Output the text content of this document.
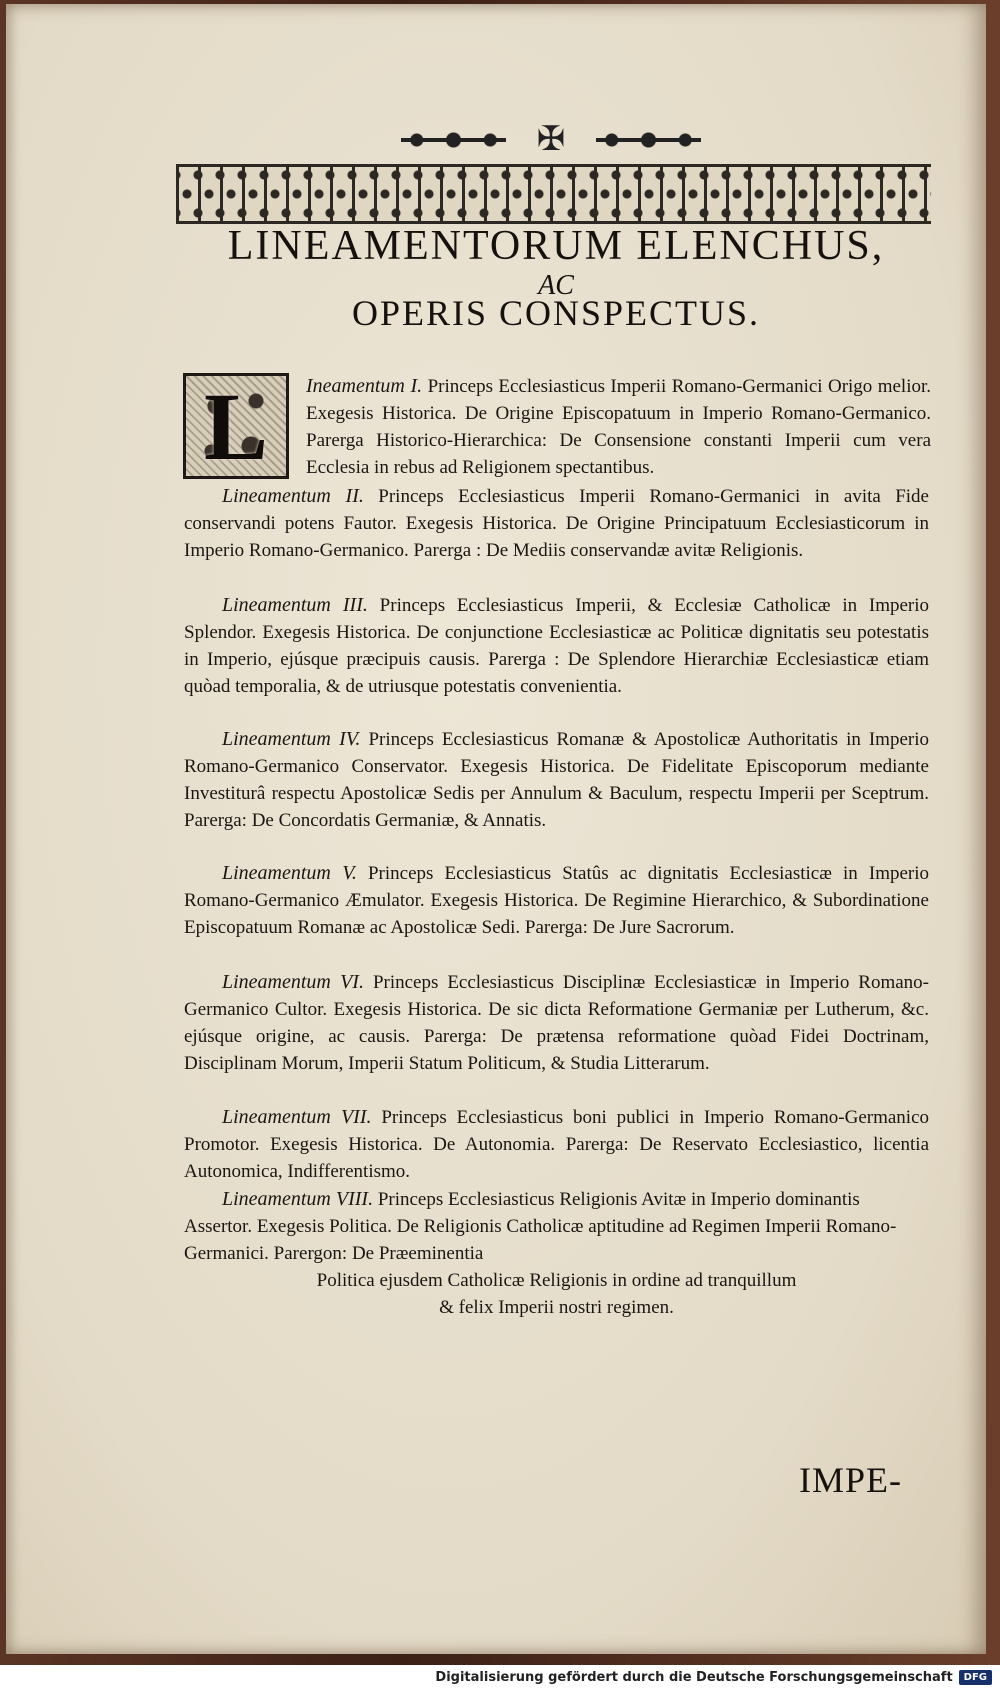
✠
LINEAMENTORUM ELENCHUS,
AC
OPERIS CONSPECTUS.
L	Ineamentum I. Princeps Ecclesiasticus Imperii Romano-Germanici Origo melior. Exegesis Historica. De Origine Episcopatuum in Imperio Romano-Germanico. Parerga Historico-Hierarchica: De Consensione constanti Imperii cum vera Ecclesia in rebus ad Religionem spectantibus.
Lineamentum II. Princeps Ecclesiasticus Imperii Romano-Germanici in avita Fide conservandi potens Fautor. Exegesis Historica. De Origine Principatuum Ecclesiasticorum in Imperio Romano-Germanico. Parerga : De Mediis conservandæ avitæ Religionis.
Lineamentum III. Princeps Ecclesiasticus Imperii, & Ecclesiæ Catholicæ in Imperio Splendor. Exegesis Historica. De conjunctione Ecclesiasticæ ac Politicæ dignitatis seu potestatis in Imperio, ejúsque præcipuis causis. Parerga : De Splendore Hierarchiæ Ecclesiasticæ etiam quòad temporalia, & de utriusque potestatis convenientia.
Lineamentum IV. Princeps Ecclesiasticus Romanæ & Apostolicæ Authoritatis in Imperio Romano-Germanico Conservator. Exegesis Historica. De Fidelitate Episcoporum mediante Investiturâ respectu Apostolicæ Sedis per Annulum & Baculum, respectu Imperii per Sceptrum. Parerga: De Concordatis Germaniæ, & Annatis.
Lineamentum V. Princeps Ecclesiasticus Statûs ac dignitatis Ecclesiasticæ in Imperio Romano-Germanico Æmulator. Exegesis Historica. De Regimine Hierarchico, & Subordinatione Episcopatuum Romanæ ac Apostolicæ Sedi. Parerga: De Jure Sacrorum.
Lineamentum VI. Princeps Ecclesiasticus Disciplinæ Ecclesiasticæ in Imperio Romano-Germanico Cultor. Exegesis Historica. De sic dicta Reformatione Germaniæ per Lutherum, &c. ejúsque origine, ac causis. Parerga: De prætensa reformatione quòad Fidei Doctrinam, Disciplinam Morum, Imperii Statum Politicum, & Studia Litterarum.
Lineamentum VII. Princeps Ecclesiasticus boni publici in Imperio Romano-Germanico Promotor. Exegesis Historica. De Autonomia. Parerga: De Reservato Ecclesiastico, licentia Autonomica, Indifferentismo.
Lineamentum VIII. Princeps Ecclesiasticus Religionis Avitæ in Imperio dominantis Assertor. Exegesis Politica. De Religionis Catholicæ aptitudine ad Regimen Imperii Romano-Germanici. Parergon: De Præeminentia
Politica ejusdem Catholicæ Religionis in ordine ad tranquillum
& felix Imperii nostri regimen.
IMPE-
Digitalisierung gefördert durch die Deutsche Forschungsgemeinschaft	DFG
